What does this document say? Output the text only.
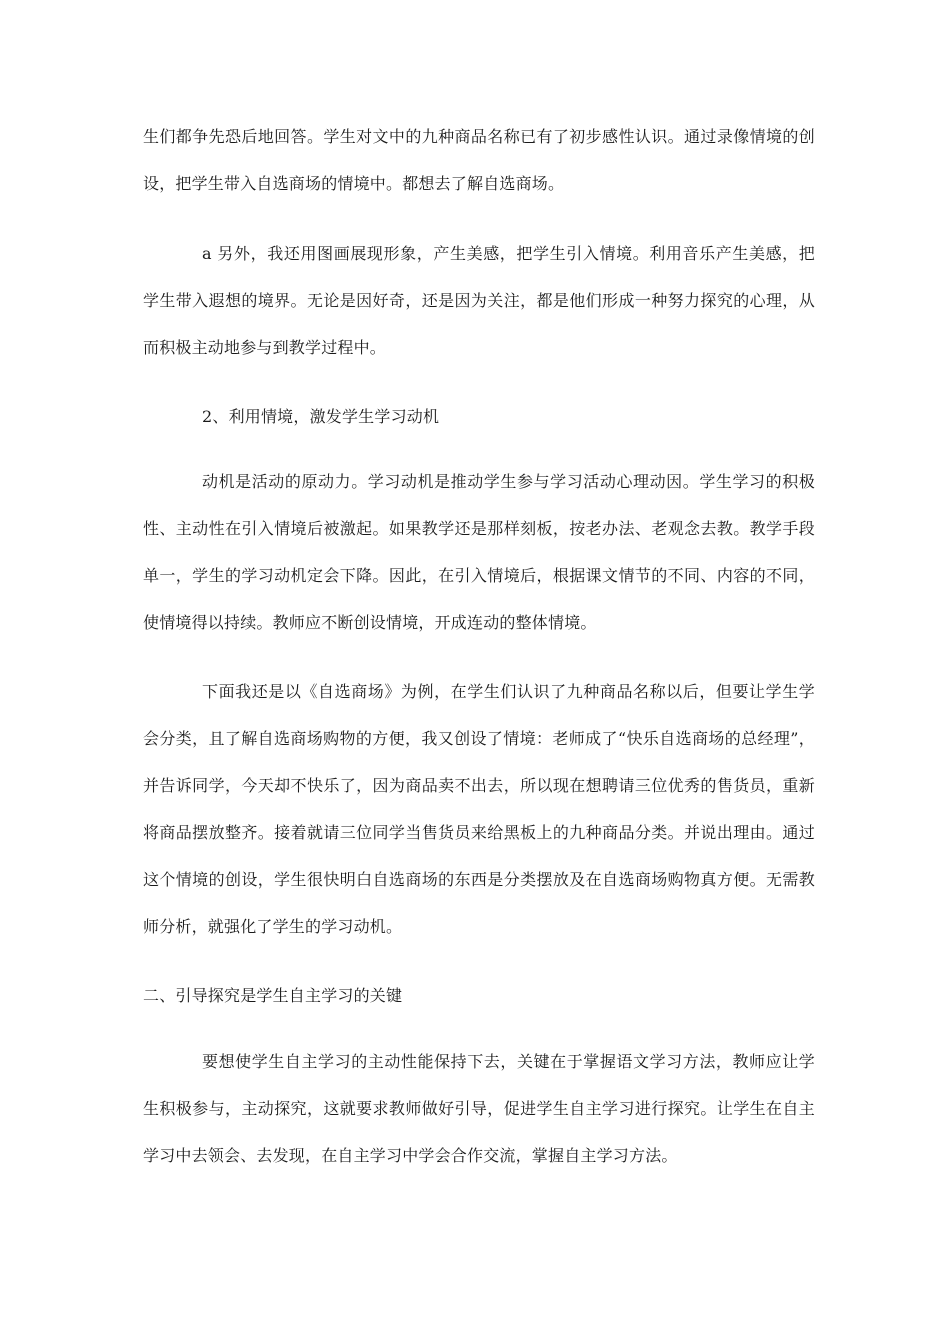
生们都争先恐后地回答。学生对文中的九种商品名称已有了初步感性认识。通过录像情境的创设，把学生带入自选商场的情境中。都想去了解自选商场。

a 另外，我还用图画展现形象，产生美感，把学生引入情境。利用音乐产生美感，把学生带入遐想的境界。无论是因好奇，还是因为关注，都是他们形成一种努力探究的心理，从而积极主动地参与到教学过程中。

2、利用情境，激发学生学习动机

动机是活动的原动力。学习动机是推动学生参与学习活动心理动因。学生学习的积极性、主动性在引入情境后被激起。如果教学还是那样刻板，按老办法、老观念去教。教学手段单一，学生的学习动机定会下降。因此，在引入情境后，根据课文情节的不同、内容的不同，使情境得以持续。教师应不断创设情境，开成连动的整体情境。

下面我还是以《自选商场》为例，在学生们认识了九种商品名称以后，但要让学生学会分类，且了解自选商场购物的方便，我又创设了情境：老师成了“快乐自选商场的总经理”，并告诉同学，今天却不快乐了，因为商品卖不出去，所以现在想聘请三位优秀的售货员，重新将商品摆放整齐。接着就请三位同学当售货员来给黑板上的九种商品分类。并说出理由。通过这个情境的创设，学生很快明白自选商场的东西是分类摆放及在自选商场购物真方便。无需教师分析，就强化了学生的学习动机。

二、引导探究是学生自主学习的关键

要想使学生自主学习的主动性能保持下去，关键在于掌握语文学习方法，教师应让学生积极参与，主动探究，这就要求教师做好引导，促进学生自主学习进行探究。让学生在自主学习中去领会、去发现，在自主学习中学会合作交流，掌握自主学习方法。
